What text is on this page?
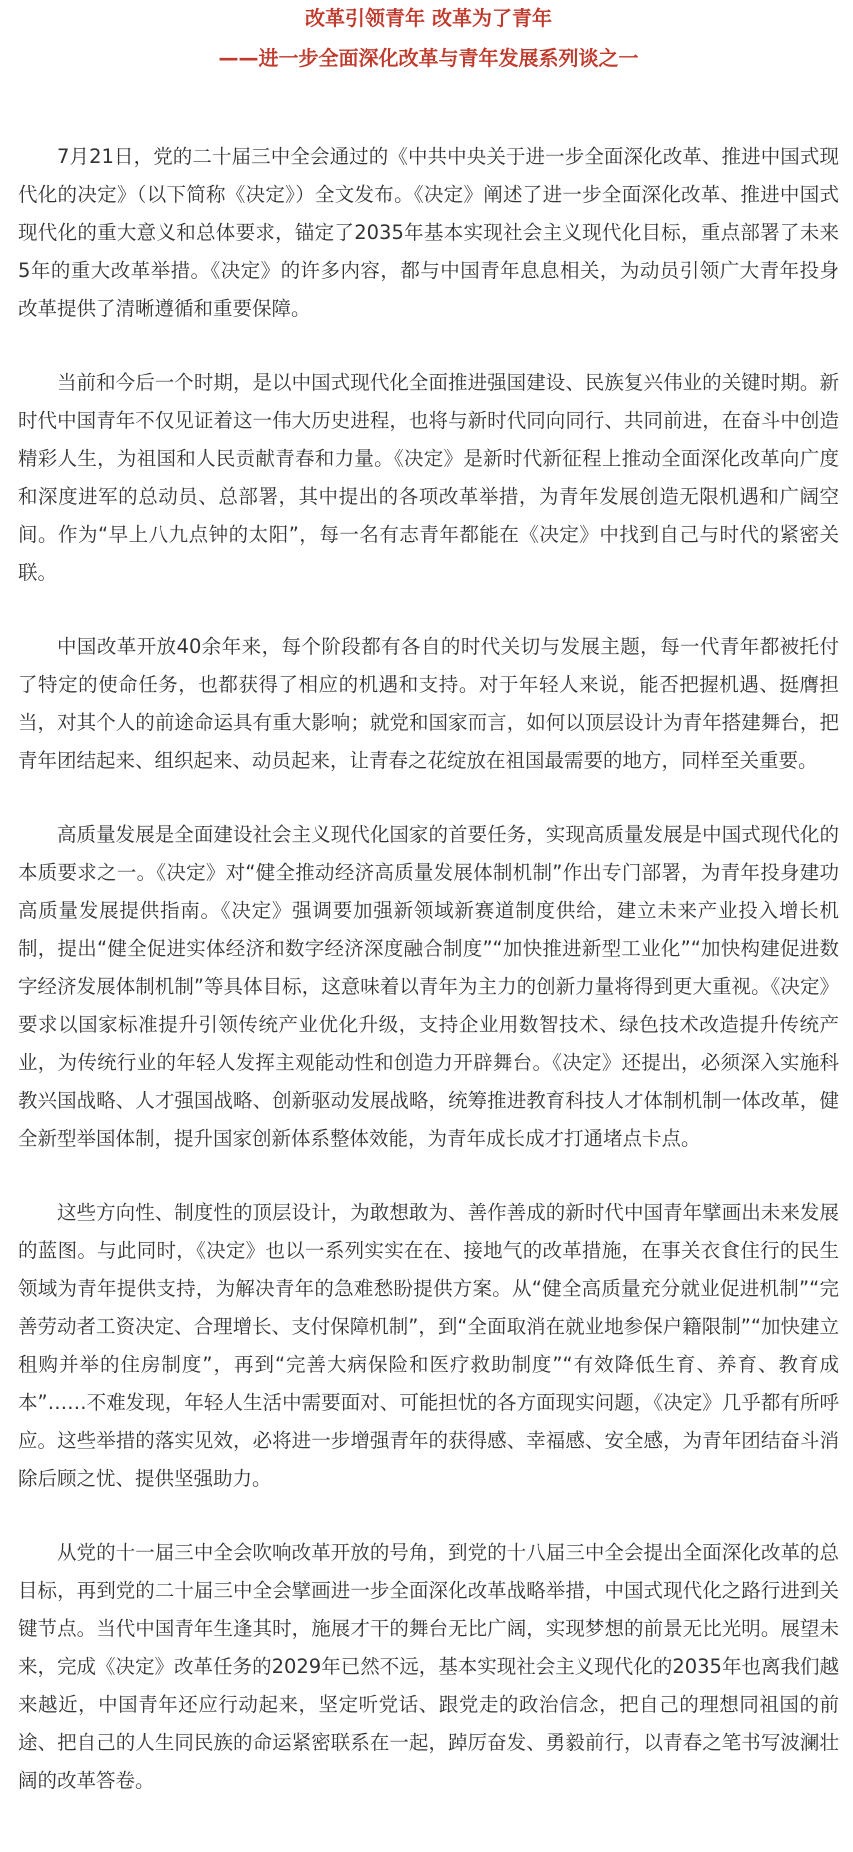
改革引领青年 改革为了青年
——进一步全面深化改革与青年发展系列谈之一

7月21日，党的二十届三中全会通过的《中共中央关于进一步全面深化改革、推进中国式现代化的决定》（以下简称《决定》）全文发布。《决定》阐述了进一步全面深化改革、推进中国式现代化的重大意义和总体要求，锚定了2035年基本实现社会主义现代化目标，重点部署了未来5年的重大改革举措。《决定》的许多内容，都与中国青年息息相关，为动员引领广大青年投身改革提供了清晰遵循和重要保障。

当前和今后一个时期，是以中国式现代化全面推进强国建设、民族复兴伟业的关键时期。新时代中国青年不仅见证着这一伟大历史进程，也将与新时代同向同行、共同前进，在奋斗中创造精彩人生，为祖国和人民贡献青春和力量。《决定》是新时代新征程上推动全面深化改革向广度和深度进军的总动员、总部署，其中提出的各项改革举措，为青年发展创造无限机遇和广阔空间。作为“早上八九点钟的太阳”，每一名有志青年都能在《决定》中找到自己与时代的紧密关联。

中国改革开放40余年来，每个阶段都有各自的时代关切与发展主题，每一代青年都被托付了特定的使命任务，也都获得了相应的机遇和支持。对于年轻人来说，能否把握机遇、挺膺担当，对其个人的前途命运具有重大影响；就党和国家而言，如何以顶层设计为青年搭建舞台，把青年团结起来、组织起来、动员起来，让青春之花绽放在祖国最需要的地方，同样至关重要。

高质量发展是全面建设社会主义现代化国家的首要任务，实现高质量发展是中国式现代化的本质要求之一。《决定》对“健全推动经济高质量发展体制机制”作出专门部署，为青年投身建功高质量发展提供指南。《决定》强调要加强新领域新赛道制度供给，建立未来产业投入增长机制，提出“健全促进实体经济和数字经济深度融合制度”“加快推进新型工业化”“加快构建促进数字经济发展体制机制”等具体目标，这意味着以青年为主力的创新力量将得到更大重视。《决定》要求以国家标准提升引领传统产业优化升级，支持企业用数智技术、绿色技术改造提升传统产业，为传统行业的年轻人发挥主观能动性和创造力开辟舞台。《决定》还提出，必须深入实施科教兴国战略、人才强国战略、创新驱动发展战略，统筹推进教育科技人才体制机制一体改革，健全新型举国体制，提升国家创新体系整体效能，为青年成长成才打通堵点卡点。

这些方向性、制度性的顶层设计，为敢想敢为、善作善成的新时代中国青年擘画出未来发展的蓝图。与此同时，《决定》也以一系列实实在在、接地气的改革措施，在事关衣食住行的民生领域为青年提供支持，为解决青年的急难愁盼提供方案。从“健全高质量充分就业促进机制”“完善劳动者工资决定、合理增长、支付保障机制”，到“全面取消在就业地参保户籍限制”“加快建立租购并举的住房制度”，再到“完善大病保险和医疗救助制度”“有效降低生育、养育、教育成本”……不难发现，年轻人生活中需要面对、可能担忧的各方面现实问题，《决定》几乎都有所呼应。这些举措的落实见效，必将进一步增强青年的获得感、幸福感、安全感，为青年团结奋斗消除后顾之忧、提供坚强助力。

从党的十一届三中全会吹响改革开放的号角，到党的十八届三中全会提出全面深化改革的总目标，再到党的二十届三中全会擘画进一步全面深化改革战略举措，中国式现代化之路行进到关键节点。当代中国青年生逢其时，施展才干的舞台无比广阔，实现梦想的前景无比光明。展望未来，完成《决定》改革任务的2029年已然不远，基本实现社会主义现代化的2035年也离我们越来越近，中国青年还应行动起来，坚定听党话、跟党走的政治信念，把自己的理想同祖国的前途、把自己的人生同民族的命运紧密联系在一起，踔厉奋发、勇毅前行，以青春之笔书写波澜壮阔的改革答卷。
